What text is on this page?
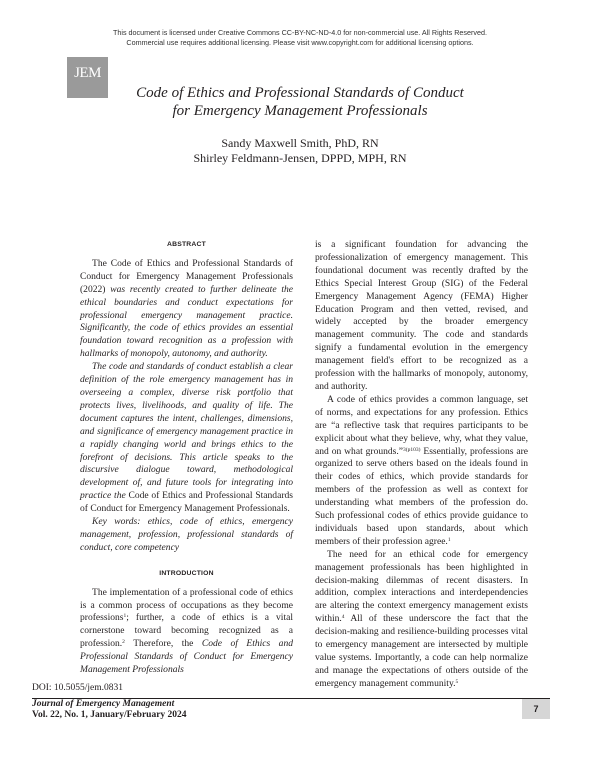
This document is licensed under Creative Commons CC-BY-NC-ND-4.0 for non-commercial use. All Rights Reserved.
Commercial use requires additional licensing. Please visit www.copyright.com for additional licensing options.
JEM
Code of Ethics and Professional Standards of Conduct
for Emergency Management Professionals
Sandy Maxwell Smith, PhD, RN
Shirley Feldmann-Jensen, DPPD, MPH, RN
ABSTRACT

The Code of Ethics and Professional Standards of Conduct for Emergency Management Professionals (2022) was recently created to further delineate the ethical boundaries and conduct expectations for professional emergency management practice. Significantly, the code of ethics provides an essential foundation toward recognition as a profession with hallmarks of monopoly, autonomy, and authority.

The code and standards of conduct establish a clear definition of the role emergency management has in overseeing a complex, diverse risk portfolio that protects lives, livelihoods, and quality of life. The document captures the intent, challenges, dimensions, and significance of emergency management practice in a rapidly changing world and brings ethics to the forefront of decisions. This article speaks to the discursive dialogue toward, methodological development of, and future tools for integrating into practice the Code of Ethics and Professional Standards of Conduct for Emergency Management Professionals.

Key words: ethics, code of ethics, emergency management, profession, professional standards of conduct, core competency

INTRODUCTION

The implementation of a professional code of ethics is a common process of occupations as they become professions$^1$; further, a code of ethics is a vital cornerstone toward becoming recognized as a profession.$^2$ Therefore, the Code of Ethics and Professional Standards of Conduct for Emergency Management Professionals

is a significant foundation for advancing the professionalization of emergency management. This foundational document was recently drafted by the Ethics Special Interest Group (SIG) of the Federal Emergency Management Agency (FEMA) Higher Education Program and then vetted, revised, and widely accepted by the broader emergency management community. The code and standards signify a fundamental evolution in the emergency management field's effort to be recognized as a profession with the hallmarks of monopoly, autonomy, and authority.

A code of ethics provides a common language, set of norms, and expectations for any profession. Ethics are “a reflective task that requires participants to be explicit about what they believe, why, what they value, and on what grounds.”$^{3(p103)}$ Essentially, professions are organized to serve others based on the ideals found in their codes of ethics, which provide standards for members of the profession as well as context for understanding what members of the profession do. Such professional codes of ethics provide guidance to individuals based upon standards, about which members of their profession agree.$^1$

The need for an ethical code for emergency management professionals has been highlighted in decision-making dilemmas of recent disasters. In addition, complex interactions and interdependencies are altering the context emergency management exists within.$^4$ All of these underscore the fact that the decision-making and resilience-building processes vital to emergency management are intersected by multiple value systems. Importantly, a code can help normalize and manage the expectations of others outside of the emergency management community.$^5$

DOI: 10.5055/jem.0831
Journal of Emergency Management
Vol. 22, No. 1, January/February 2024
7
